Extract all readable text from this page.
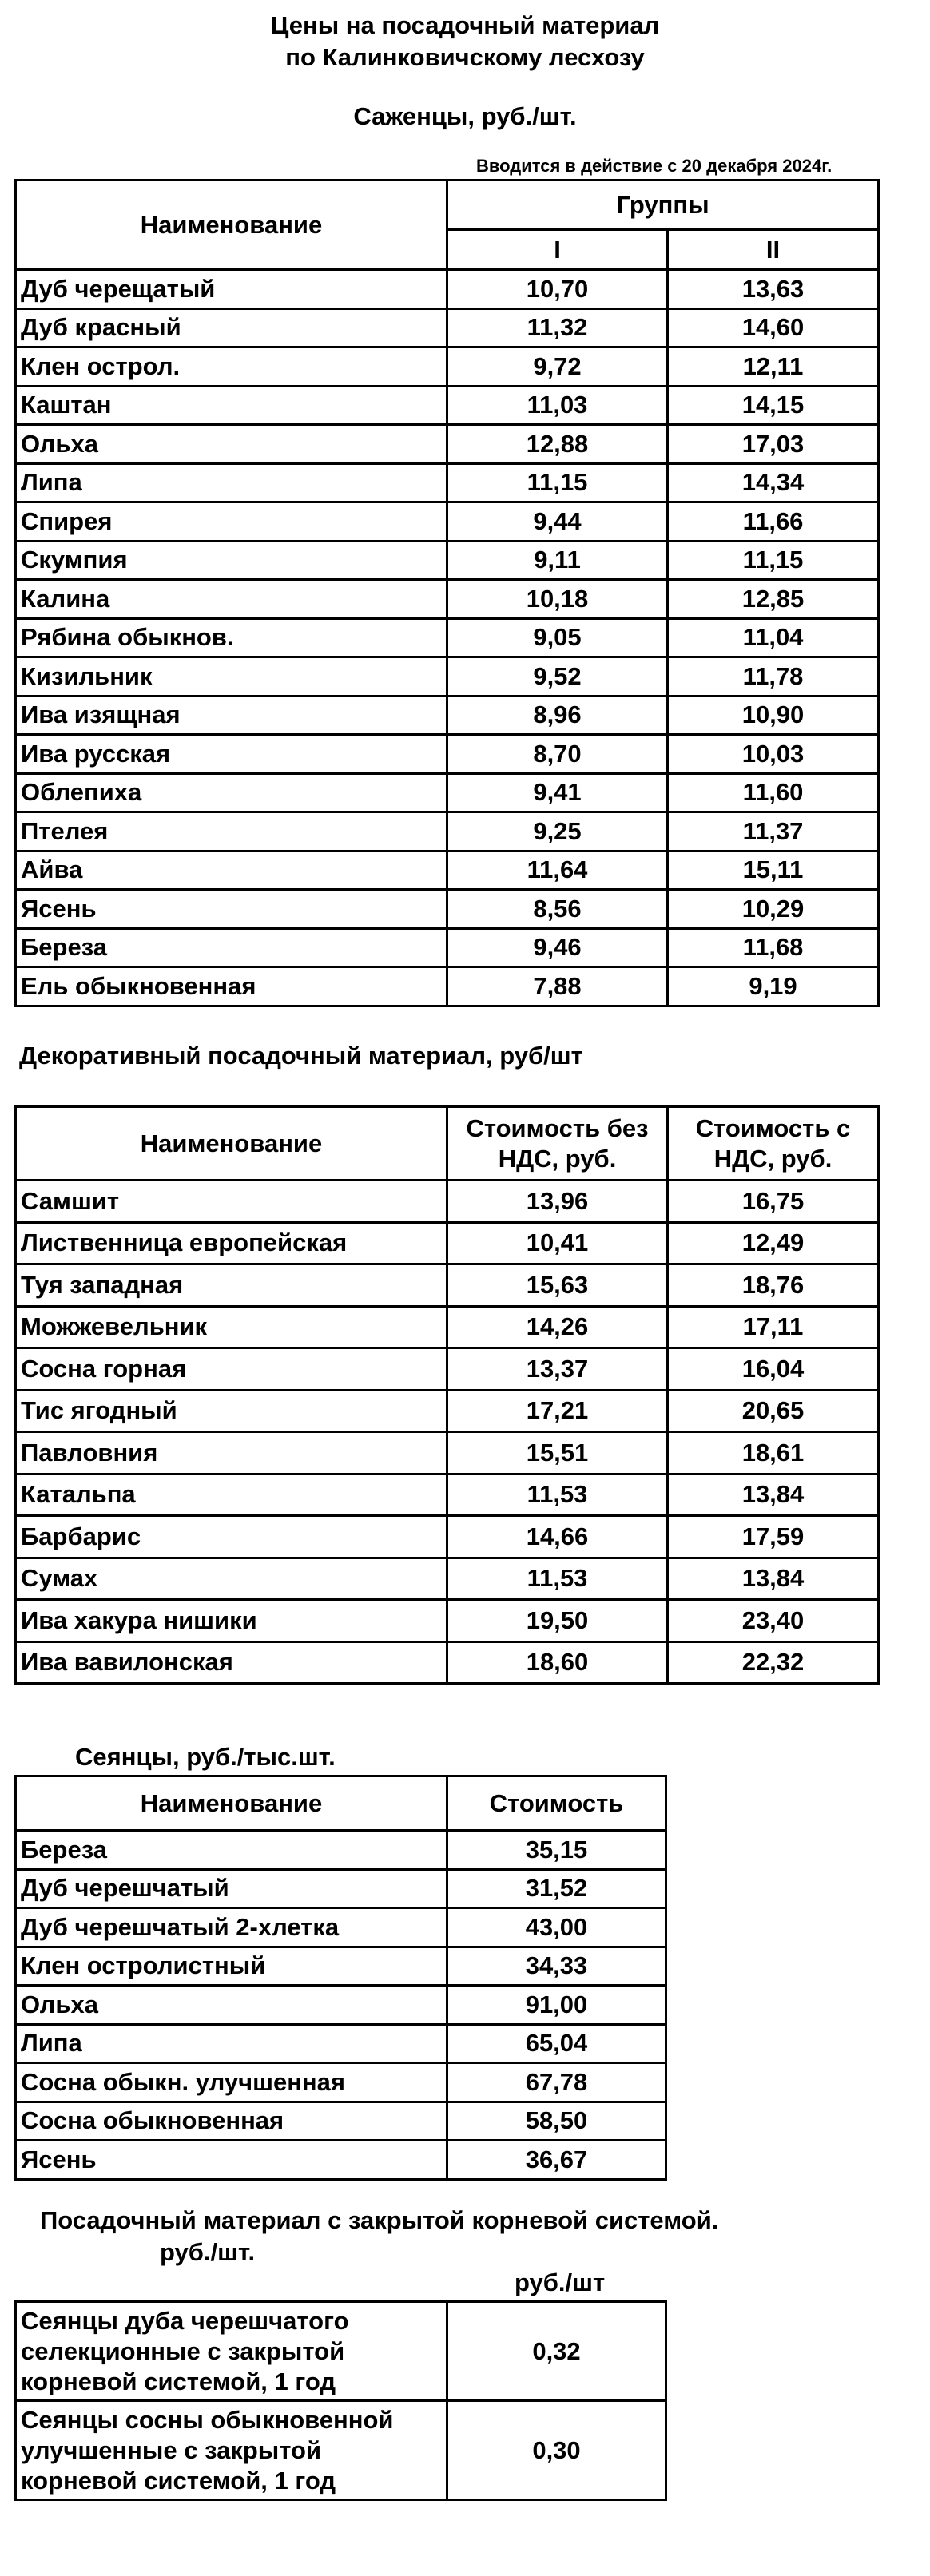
Цены на посадочный материал
по Калинковичскому лесхозу
Саженцы, руб./шт.
Вводится в действие с 20 декабря 2024г.
Наименование	Группы	
	I	II
Дуб черещатый	10,70	13,63
Дуб красный	11,32	14,60
Клен острол.	9,72	12,11
Каштан	11,03	14,15
Ольха	12,88	17,03
Липа	11,15	14,34
Спирея	9,44	11,66
Скумпия	9,11	11,15
Калина	10,18	12,85
Рябина обыкнов.	9,05	11,04
Кизильник	9,52	11,78
Ива изящная	8,96	10,90
Ива русская	8,70	10,03
Облепиха	9,41	11,60
Птелея	9,25	11,37
Айва	11,64	15,11
Ясень	8,56	10,29
Береза	9,46	11,68
Ель обыкновенная	7,88	9,19
Декоративный посадочный материал, руб/шт
Наименование	Стоимость без НДС, руб.	Стоимость с НДС, руб.
Самшит	13,96	16,75
Лиственница европейская	10,41	12,49
Туя западная	15,63	18,76
Можжевельник	14,26	17,11
Сосна горная	13,37	16,04
Тис ягодный	17,21	20,65
Павловния	15,51	18,61
Катальпа	11,53	13,84
Барбарис	14,66	17,59
Сумах	11,53	13,84
Ива хакура нишики	19,50	23,40
Ива вавилонская	18,60	22,32
Сеянцы, руб./тыс.шт.
Наименование	Стоимость
Береза	35,15
Дуб черешчатый	31,52
Дуб черешчатый 2-хлетка	43,00
Клен остролистный	34,33
Ольха	91,00
Липа	65,04
Сосна обыкн. улучшенная	67,78
Сосна обыкновенная	58,50
Ясень	36,67
Посадочный материал с закрытой корневой системой.
руб./шт.
руб./шт
Сеянцы дуба черешчатого
селекционные с закрытой
корневой системой, 1 год	0,32

Сеянцы сосны обыкновенной
улучшенные с закрытой
корневой системой, 1 год	0,30
